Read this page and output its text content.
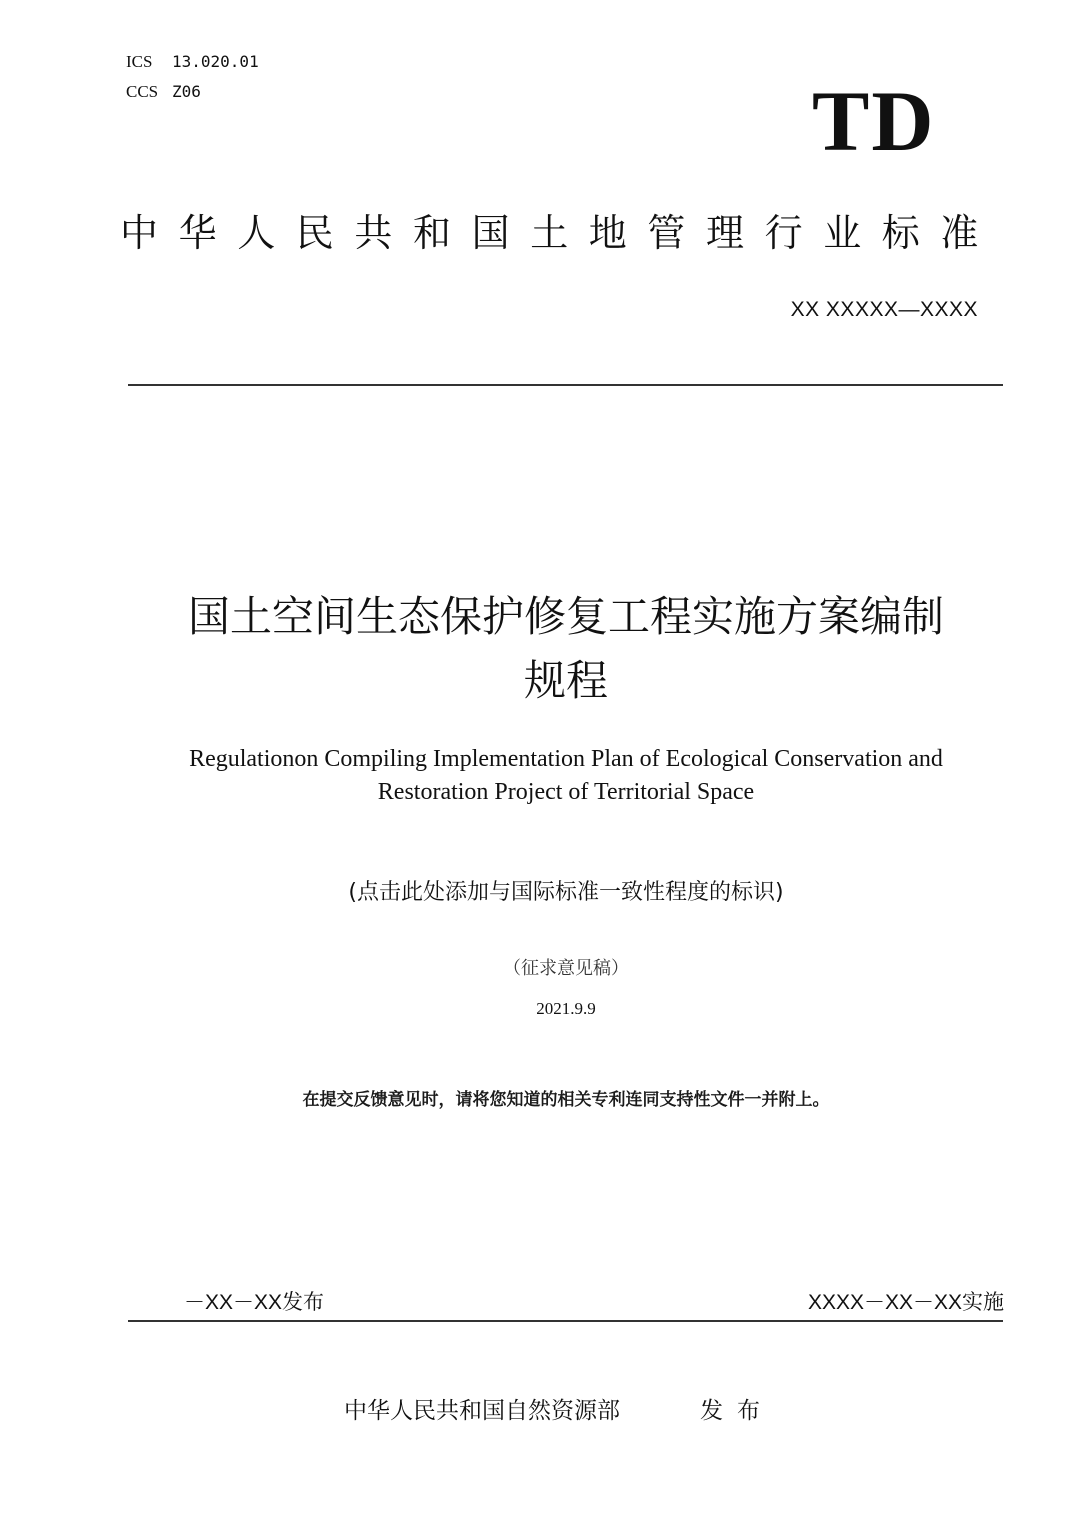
ICS 13.020.01
CCS Z06	TD
中华人民共和国土地管理行业标准
XX XXXXX—XXXX
国土空间生态保护修复工程实施方案编制
规程
Regulationon Compiling Implementation Plan of Ecological Conservation and
Restoration Project of Territorial Space
(点击此处添加与国际标准一致性程度的标识)
（征求意见稿）
2021.9.9
在提交反馈意见时，请将您知道的相关专利连同支持性文件一并附上。
－XX－XX发布	XXXX－XX－XX实施
中华人民共和国自然资源部	发布
